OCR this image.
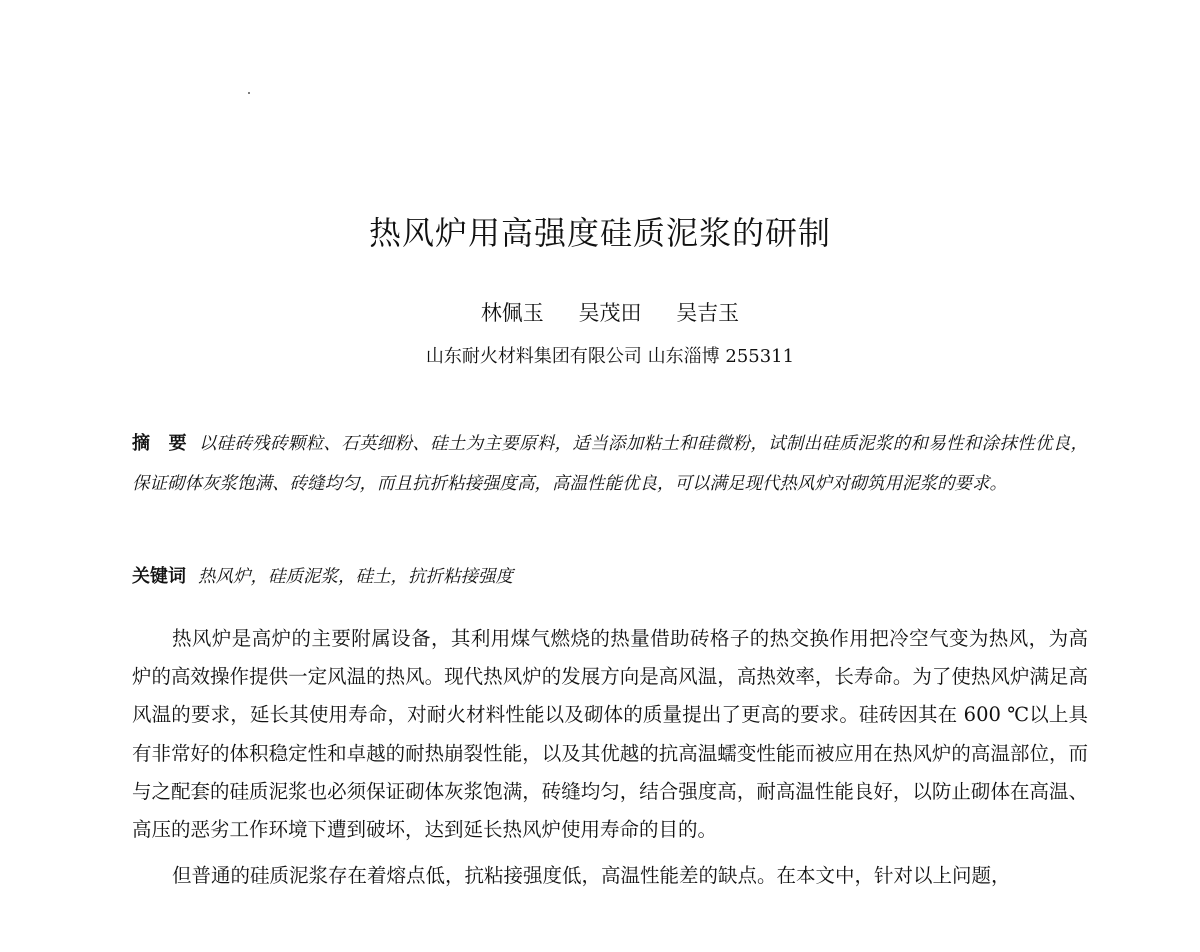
热风炉用高强度硅质泥浆的研制
林佩玉 吴茂田 吴吉玉
山东耐火材料集团有限公司 山东淄博 255311
摘　要 以硅砖残砖颗粒、石英细粉、硅土为主要原料，适当添加粘土和硅微粉，试制出硅质泥浆的和易性和涂抹性优良，保证砌体灰浆饱满、砖缝均匀，而且抗折粘接强度高，高温性能优良，可以满足现代热风炉对砌筑用泥浆的要求。
关键词 热风炉，硅质泥浆，硅土，抗折粘接强度

热风炉是高炉的主要附属设备，其利用煤气燃烧的热量借助砖格子的热交换作用把冷空气变为热风，为高炉的高效操作提供一定风温的热风。现代热风炉的发展方向是高风温，高热效率，长寿命。为了使热风炉满足高风温的要求，延长其使用寿命，对耐火材料性能以及砌体的质量提出了更高的要求。硅砖因其在 600 ℃以上具有非常好的体积稳定性和卓越的耐热崩裂性能，以及其优越的抗高温蠕变性能而被应用在热风炉的高温部位，而与之配套的硅质泥浆也必须保证砌体灰浆饱满，砖缝均匀，结合强度高，耐高温性能良好，以防止砌体在高温、高压的恶劣工作环境下遭到破坏，达到延长热风炉使用寿命的目的。

但普通的硅质泥浆存在着熔点低，抗粘接强度低，高温性能差的缺点。在本文中，针对以上问题，
